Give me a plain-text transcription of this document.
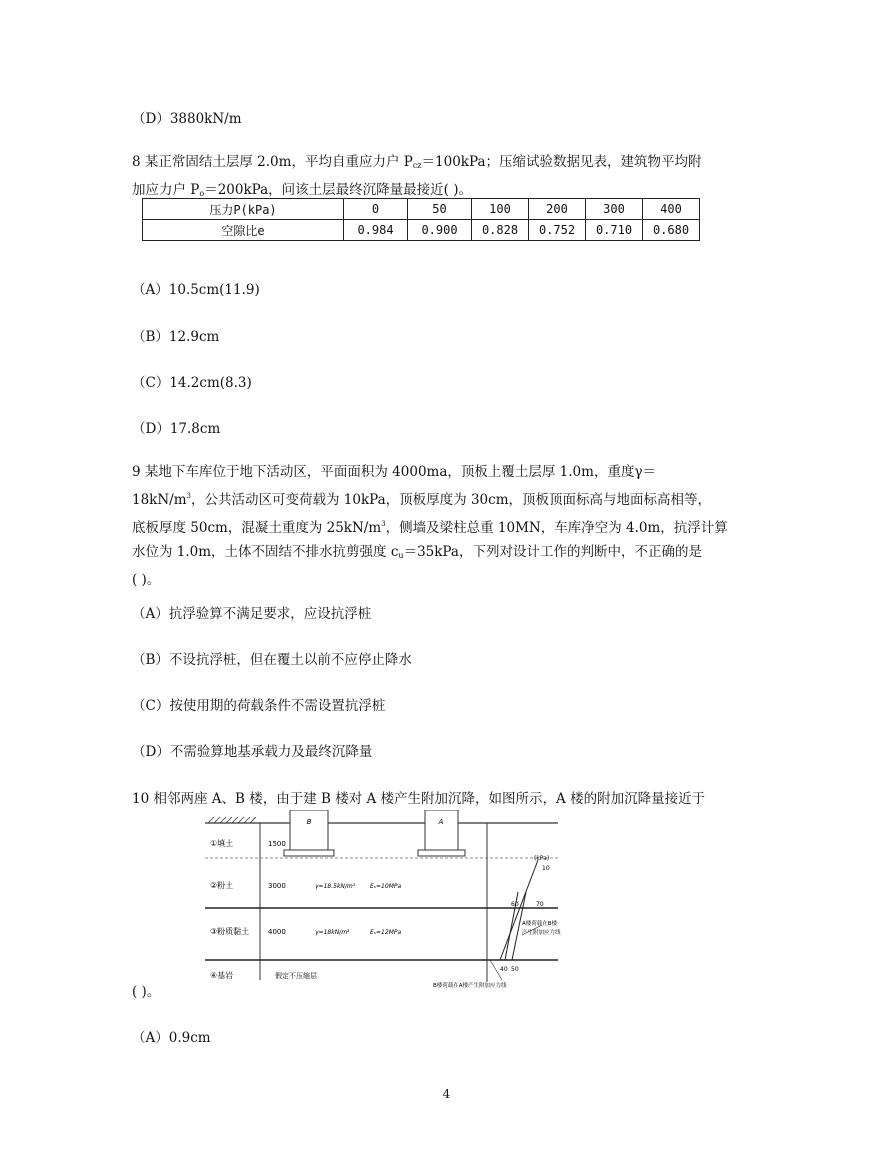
（D）3880kN/m
8 某正常固结土层厚 2.0m，平均自重应力户 $P_{cz}=100kPa$；压缩试验数据见表，建筑物平均附
加应力户 $P_o=200kPa$，问该土层最终沉降量最接近( )。
压力P(kPa)	0	50	100	200	300	400
空隙比e	0.984	0.900	0.828	0.752	0.710	0.680
（A）10.5cm(11.9)
（B）12.9cm
（C）14.2cm(8.3)
（D）17.8cm
9 某地下车库位于地下活动区，平面面积为 4000ma，顶板上覆土层厚 1.0m，重度γ＝
$18kN/m^3$，公共活动区可变荷载为 10kPa，顶板厚度为 30cm，顶板顶面标高与地面标高相等，
底板厚度 50cm，混凝土重度为 $25kN/m^3$，侧墙及梁柱总重 10MN，车库净空为 4.0m，抗浮计算
水位为 1.0m，土体不固结不排水抗剪强度 $c_u=35kPa$，下列对设计工作的判断中，不正确的是
( )。
（A）抗浮验算不满足要求，应设抗浮桩
（B）不设抗浮桩，但在覆土以前不应停止降水
（C）按使用期的荷载条件不需设置抗浮桩
（D）不需验算地基承载力及最终沉降量
10 相邻两座 A、B 楼，由于建 B 楼对 A 楼产生附加沉降，如图所示，A 楼的附加沉降量接近于
B	A
①填土	1500
②粉土	3000	γ=18.5kN/m³ Eₛ=10MPa
③粉质黏土	4000	γ=18kN/m³	Eₛ=12MPa
④基岩	假定不压缩层
(kPa)
10
60	70
40 50
A楼荷载在B楼
产生附加应力线
B楼荷载在A楼产生附加应力线
( )。
（A）0.9cm
4
